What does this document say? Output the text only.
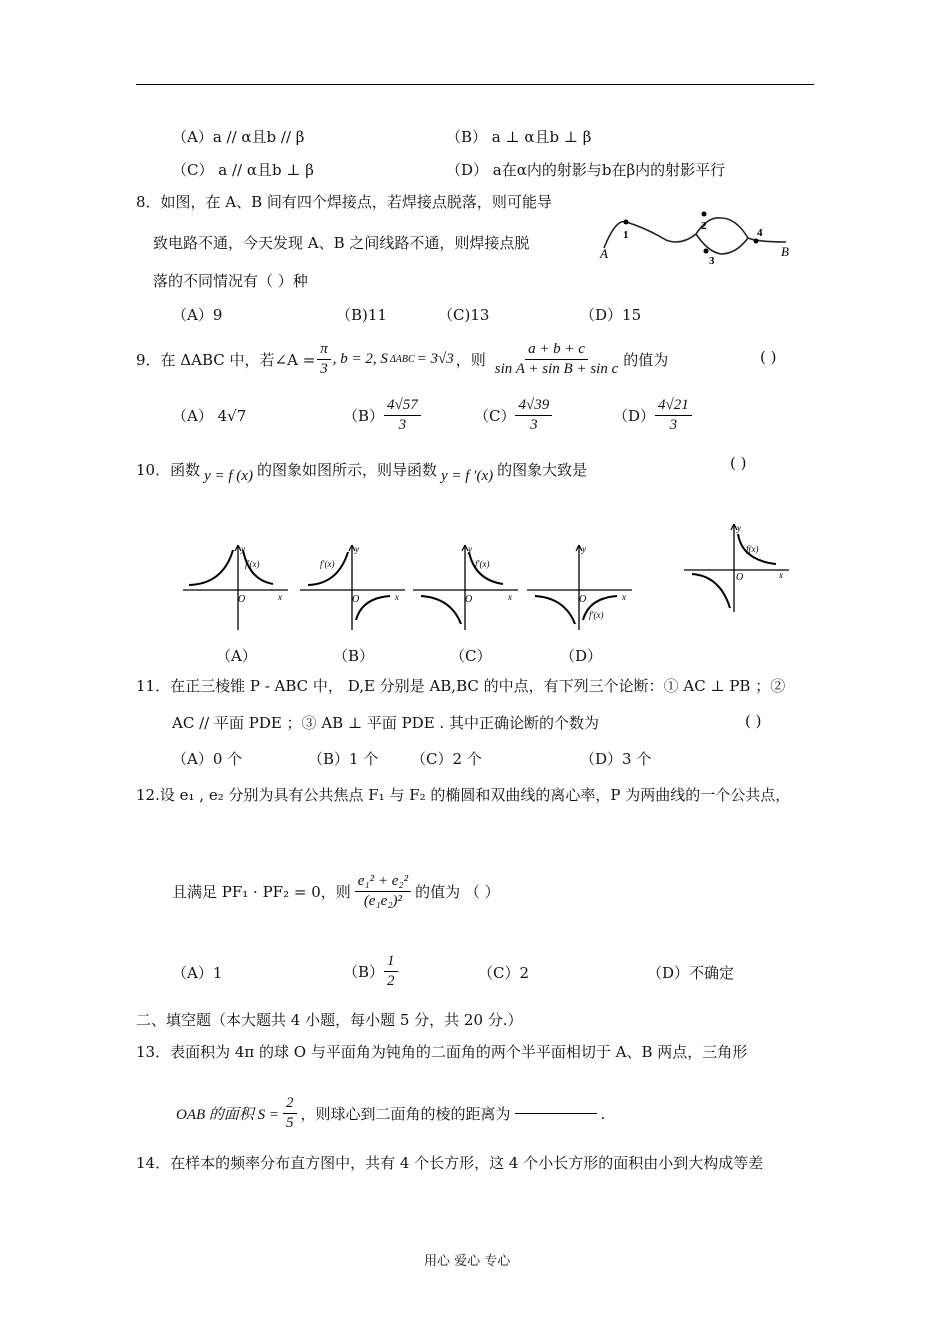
（A）a // α且b // β	（B） a ⊥ α且b ⊥ β
（C） a // α且b ⊥ β	（D） a在α内的射影与b在β内的射影平行
8．如图，在 A、B 间有四个焊接点，若焊接点脱落，则可能导
致电路不通，今天发现 A、B 之间线路不通，则焊接点脱
落的不同情况有（ ）种
（A）9	（B)11	（C)13	（D）15
A	B
1
2
3
4
9．在 ΔABC 中，若∠A = $\frac{\pi}{3}$ , b = 2, S ΔABC = 3√3 ，则 $\frac{a + b + c}{\text{sin A + sin B + sin c}}$ 的值为	( )
（A） 4√7	$(B) \frac{4√57}{3}$	$(C) \frac{4√39}{3}$	$(D) \frac{4√21}{3}$
10．函数 y = f (x) 的图象如图所示，则导函数 y = f ′(x) 的图象大致是	( )
y
x
O
f′(x)
（A）
y
x
O
f′(x)
（B）
y
x
O
f′(x)
（C）
y
x
O
f′(x)
（D）
y
x
O
f(x)
11．在正三棱锥 P - ABC 中， D,E 分别是 AB,BC 的中点，有下列三个论断：① AC ⊥ PB ；②
AC // 平面 PDE ；③ AB ⊥ 平面 PDE . 其中正确论断的个数为	( )
（A）0 个	（B）1 个 （C）2 个	（D）3 个
12.设 e₁ , e₂ 分别为具有公共焦点 F₁ 与 F₂ 的椭圆和双曲线的离心率，P 为两曲线的一个公共点，
且满足 PF₁ · PF₂ = 0，则 $\frac{\text{e₁² + e₂²}}{\text{(e₁e₂)²}}$ 的值为 （ ）
（A）1	$(B) \frac{1}{2}$	（C）2	（D）不确定
二、填空题（本大题共 4 小题，每小题 5 分，共 20 分.）
13．表面积为 4π 的球 O 与平面角为钝角的二面角的两个半平面相切于 A、B 两点，三角形
OAB 的面积 $S = \frac{2}{5}$ ，则球心到二面角的棱的距离为	.
14．在样本的频率分布直方图中，共有 4 个长方形，这 4 个小长方形的面积由小到大构成等差
用心 爱心 专心
